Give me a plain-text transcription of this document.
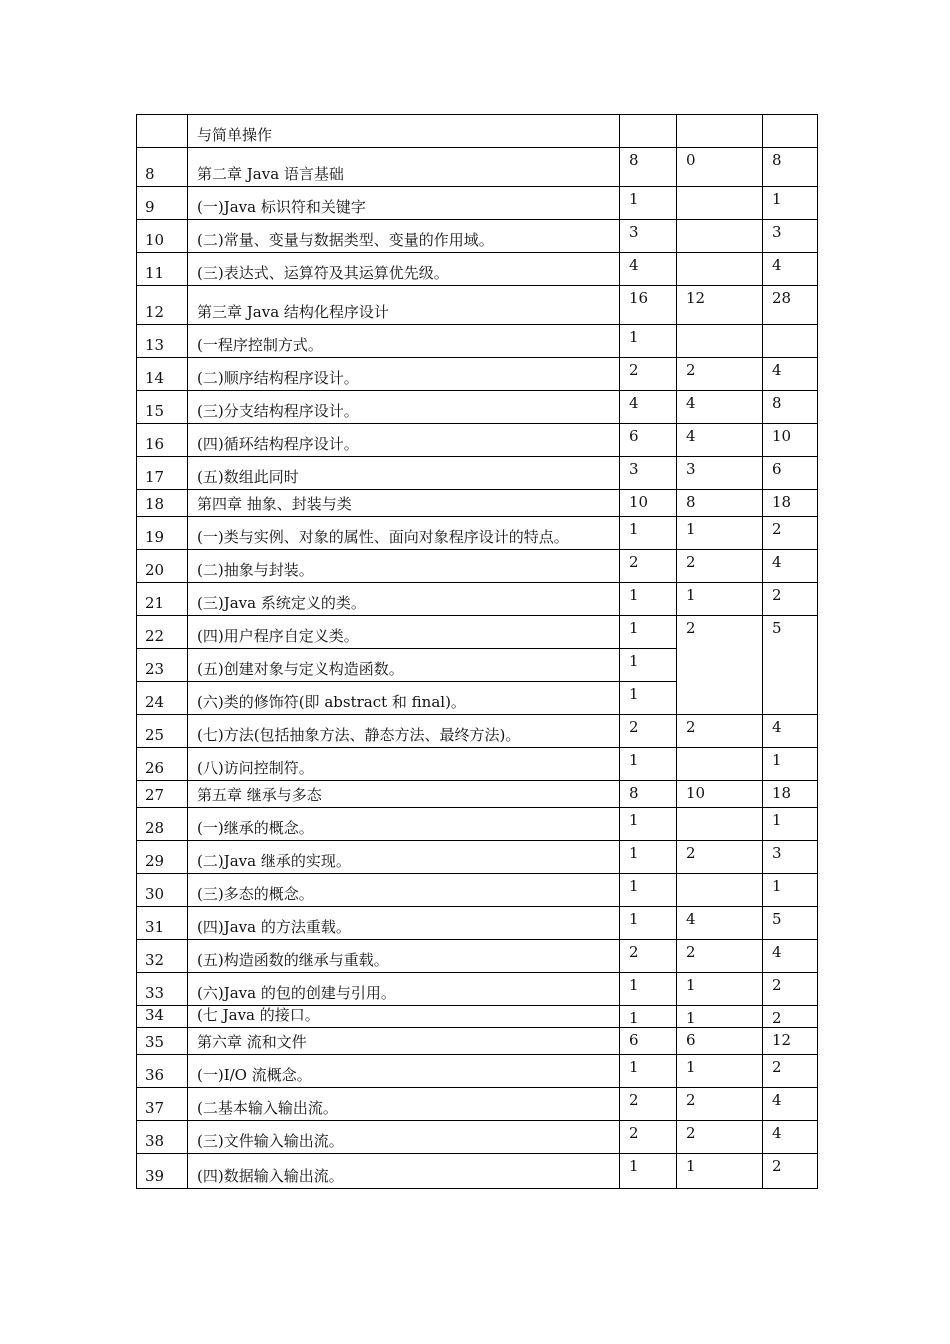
	与简单操作			
8	第二章 Java 语言基础	8	0	8
9	(一)Java 标识符和关键字	1		1
10	(二)常量、变量与数据类型、变量的作用域。	3		3
11	(三)表达式、运算符及其运算优先级。	4		4
12	第三章 Java 结构化程序设计	16	12	28
13	(一程序控制方式。	1		
14	(二)顺序结构程序设计。	2	2	4
15	(三)分支结构程序设计。	4	4	8
16	(四)循环结构程序设计。	6	4	10
17	(五)数组此同时	3	3	6
18	第四章 抽象、封装与类	10	8	18
19	(一)类与实例、对象的属性、面向对象程序设计的特点。	1	1	2
20	(二)抽象与封装。	2	2	4
21	(三)Java 系统定义的类。	1	1	2
22	(四)用户程序自定义类。	1	2	5
23	(五)创建对象与定义构造函数。	1		
24	(六)类的修饰符(即 abstract 和 final)。	1		
25	(七)方法(包括抽象方法、静态方法、最终方法)。	2	2	4
26	(八)访问控制符。	1		1
27	第五章 继承与多态	8	10	18
28	(一)继承的概念。	1		1
29	(二)Java 继承的实现。	1	2	3
30	(三)多态的概念。	1		1
31	(四)Java 的方法重载。	1	4	5
32	(五)构造函数的继承与重载。	2	2	4
33	(六)Java 的包的创建与引用。	1	1	2
34	(七 Java 的接口。	1	1	2
35	第六章 流和文件	6	6	12
36	(一)I/O 流概念。	1	1	2
37	(二基本输入输出流。	2	2	4
38	(三)文件输入输出流。	2	2	4
39	(四)数据输入输出流。	1	1	2
